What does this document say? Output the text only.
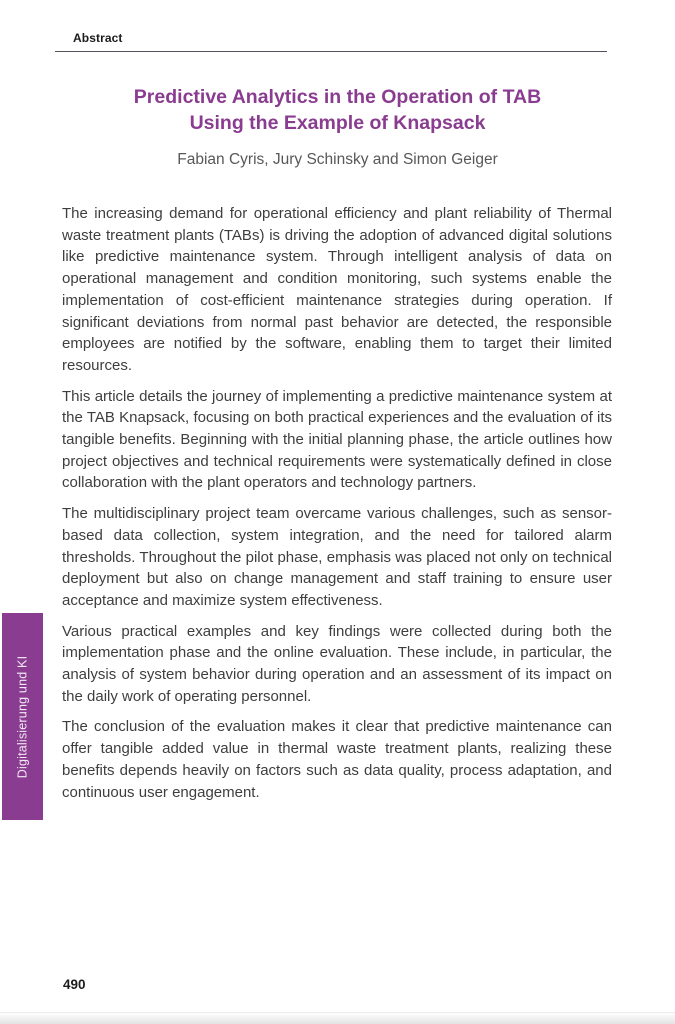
Abstract
Predictive Analytics in the Operation of TAB
Using the Example of Knapsack
Fabian Cyris, Jury Schinsky and Simon Geiger

The increasing demand for operational efficiency and plant reliability of Thermal waste treatment plants (TABs) is driving the adoption of advanced digital solutions like predictive maintenance system. Through intelligent analysis of data on operational management and condition monitoring, such systems enable the implementation of cost-efficient maintenance strategies during operation. If significant deviations from normal past behavior are detected, the responsible employees are notified by the software, enabling them to target their limited resources.

This article details the journey of implementing a predictive maintenance system at the TAB Knapsack, focusing on both practical experiences and the evaluation of its tangible benefits. Beginning with the initial planning phase, the article outlines how project objectives and technical requirements were systematically defined in close collaboration with the plant operators and technology partners.

The multidisciplinary project team overcame various challenges, such as sensor-based data collection, system integration, and the need for tailored alarm thresholds. Throughout the pilot phase, emphasis was placed not only on technical deployment but also on change management and staff training to ensure user acceptance and maximize system effectiveness.

Various practical examples and key findings were collected during both the implementation phase and the online evaluation. These include, in particular, the analysis of system behavior during operation and an assessment of its impact on the daily work of operating personnel.

The conclusion of the evaluation makes it clear that predictive maintenance can offer tangible added value in thermal waste treatment plants, realizing these benefits depends heavily on factors such as data quality, process adaptation, and continuous user engagement.

Digitalisierung und KI
490
